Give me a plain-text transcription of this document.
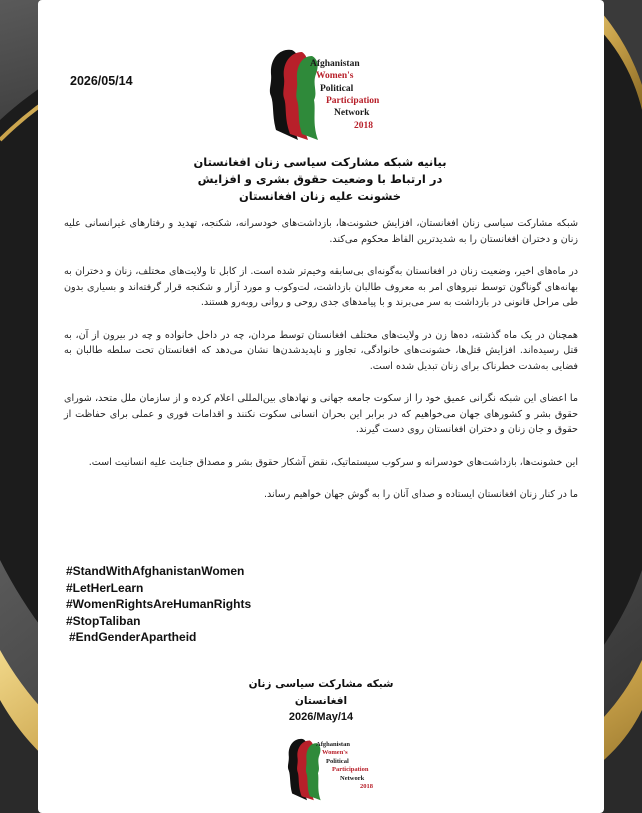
Afghanistan
Women's
Political
Participation
Network
2018
2026/05/14
بیانیه شبکه مشارکت سیاسی زنان افغانستان
در ارتباط با وضعیت حقوق بشری و افزایش
خشونت علیه زنان افغانستان

شبکه مشارکت سیاسی زنان افغانستان، افزایش خشونت‌ها، بازداشت‌های خودسرانه، شکنجه، تهدید و رفتارهای غیرانسانی علیه زنان و دختران افغانستان را به شدیدترین الفاظ محکوم می‌کند.

در ماه‌های اخیر، وضعیت زنان در افغانستان به‌گونه‌ای بی‌سابقه وخیم‌تر شده است. از کابل تا ولایت‌های مختلف، زنان و دختران به بهانه‌های گوناگون توسط نیروهای امر به معروف طالبان بازداشت، لت‌وکوب و مورد آزار و شکنجه قرار گرفته‌اند و بسیاری بدون طی مراحل قانونی در بازداشت به سر می‌برند و با پیامدهای جدی روحی و روانی روبه‌رو هستند.

همچنان در یک ماه گذشته، ده‌ها زن در ولایت‌های مختلف افغانستان توسط مردان، چه در داخل خانواده و چه در بیرون از آن، به قتل رسیده‌اند. افزایش قتل‌ها، خشونت‌های خانوادگی، تجاوز و ناپدیدشدن‌ها نشان می‌دهد که افغانستان تحت سلطه طالبان به فضایی به‌شدت خطرناک برای زنان تبدیل شده است.

ما اعضای این شبکه نگرانی عمیق خود را از سکوت جامعه جهانی و نهادهای بین‌المللی اعلام کرده و از سازمان ملل متحد، شورای حقوق بشر و کشورهای جهان می‌خواهیم که در برابر این بحران انسانی سکوت نکنند و اقدامات فوری و عملی برای حفاظت از حقوق و جان زنان و دختران افغانستان روی دست گیرند.

این خشونت‌ها، بازداشت‌های خودسرانه و سرکوب سیستماتیک، نقض آشکار حقوق بشر و مصداق جنایت علیه انسانیت است.

ما در کنار زنان افغانستان ایستاده و صدای آنان را به گوش جهان خواهیم رساند.

#StandWithAfghanistanWomen
#LetHerLearn
#WomenRightsAreHumanRights
#StopTaliban
#EndGenderApartheid
شبکه مشارکت سیاسی زنان افغانستان
2026/May/14
Afghanistan
Women's
Political
Participation
Network
2018
